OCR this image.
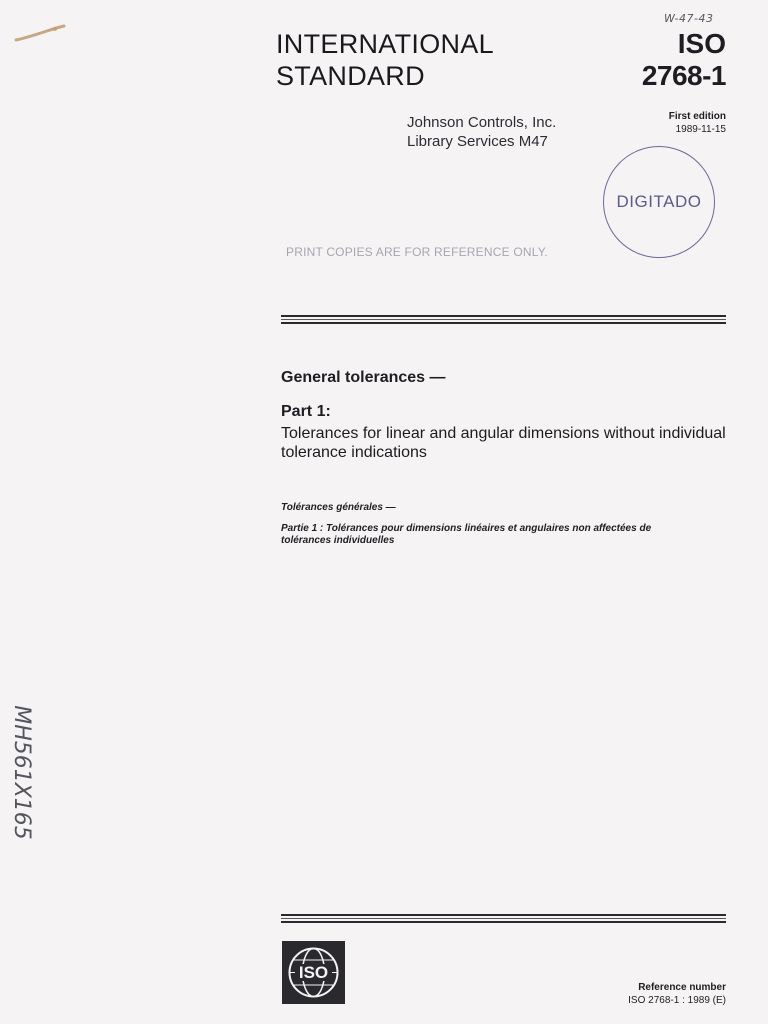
W-47-43
INTERNATIONAL
STANDARD
ISO
2768-1
First edition
1989-11-15
Johnson Controls, Inc.
Library Services M47
DIGITADO
PRINT COPIES ARE FOR REFERENCE ONLY.
General tolerances —
Part 1:
Tolerances for linear and angular dimensions without individual tolerance indications
Tolérances générales —
Partie 1 : Tolérances pour dimensions linéaires et angulaires non affectées de tolérances individuelles
MH561X165
ISO
Reference number
ISO 2768-1 : 1989 (E)
